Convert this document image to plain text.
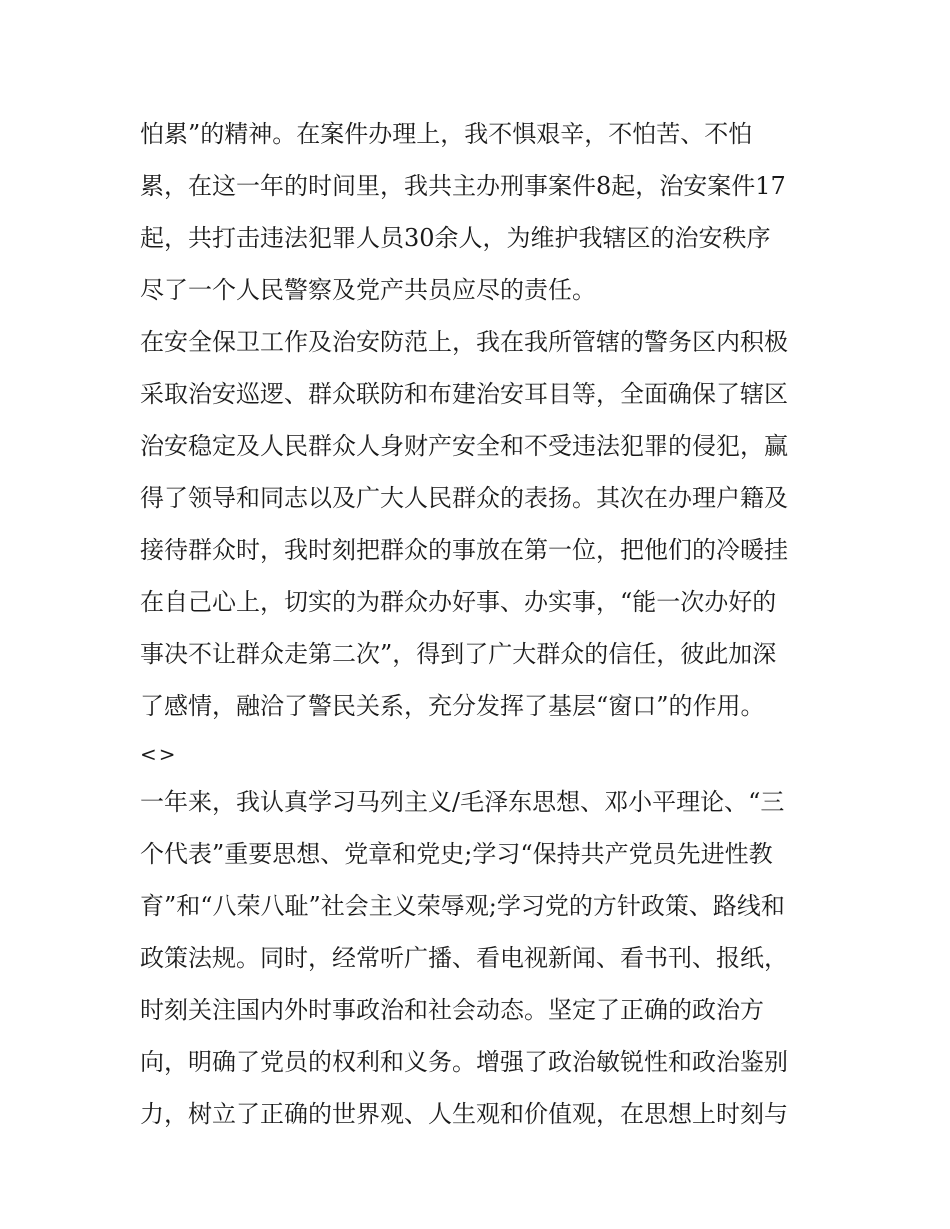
怕累”的精神。在案件办理上，我不惧艰辛，不怕苦、不怕
累，在这一年的时间里，我共主办刑事案件8起，治安案件17
起，共打击违法犯罪人员30余人，为维护我辖区的治安秩序
尽了一个人民警察及党产共员应尽的责任。
在安全保卫工作及治安防范上，我在我所管辖的警务区内积极
采取治安巡逻、群众联防和布建治安耳目等，全面确保了辖区
治安稳定及人民群众人身财产安全和不受违法犯罪的侵犯，赢
得了领导和同志以及广大人民群众的表扬。其次在办理户籍及
接待群众时，我时刻把群众的事放在第一位，把他们的冷暖挂
在自己心上，切实的为群众办好事、办实事，“能一次办好的
事决不让群众走第二次”，得到了广大群众的信任，彼此加深
了感情，融洽了警民关系，充分发挥了基层“窗口”的作用。
<>
一年来，我认真学习马列主义/毛泽东思想、邓小平理论、“三
个代表”重要思想、党章和党史;学习“保持共产党员先进性教
育”和“八荣八耻”社会主义荣辱观;学习党的方针政策、路线和
政策法规。同时，经常听广播、看电视新闻、看书刊、报纸，
时刻关注国内外时事政治和社会动态。坚定了正确的政治方
向，明确了党员的权利和义务。增强了政治敏锐性和政治鉴别
力，树立了正确的世界观、人生观和价值观，在思想上时刻与
